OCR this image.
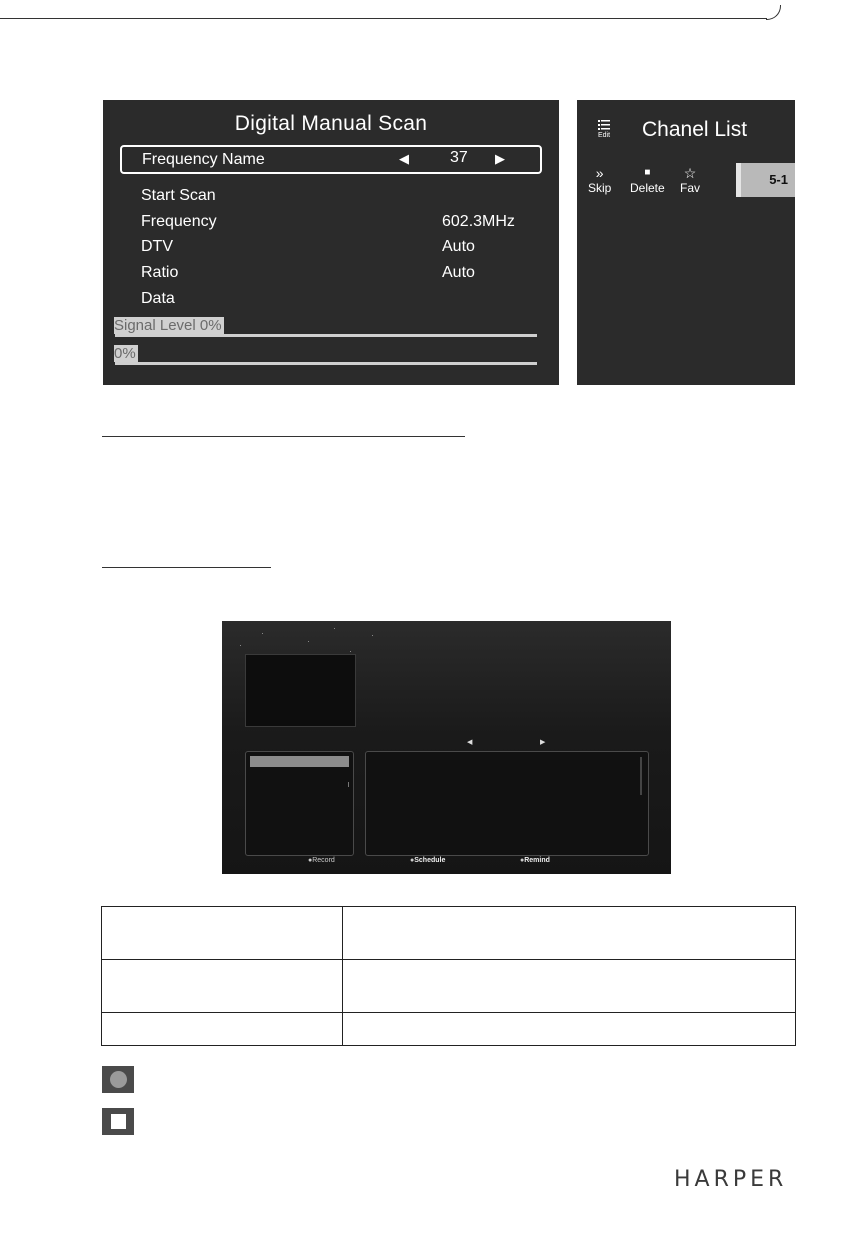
Digital Manual Scan
Frequency Name	◀	37 ▶
Start Scan
Frequency	602.3MHz
DTV	Auto
Ratio	Auto
Data
Signal Level 0%
0%
Edit Chanel List
»
Skip
■
Delete
☆
Fav
5-1
◀	▶
●Record	●Schedule	●Remind

HARPER
